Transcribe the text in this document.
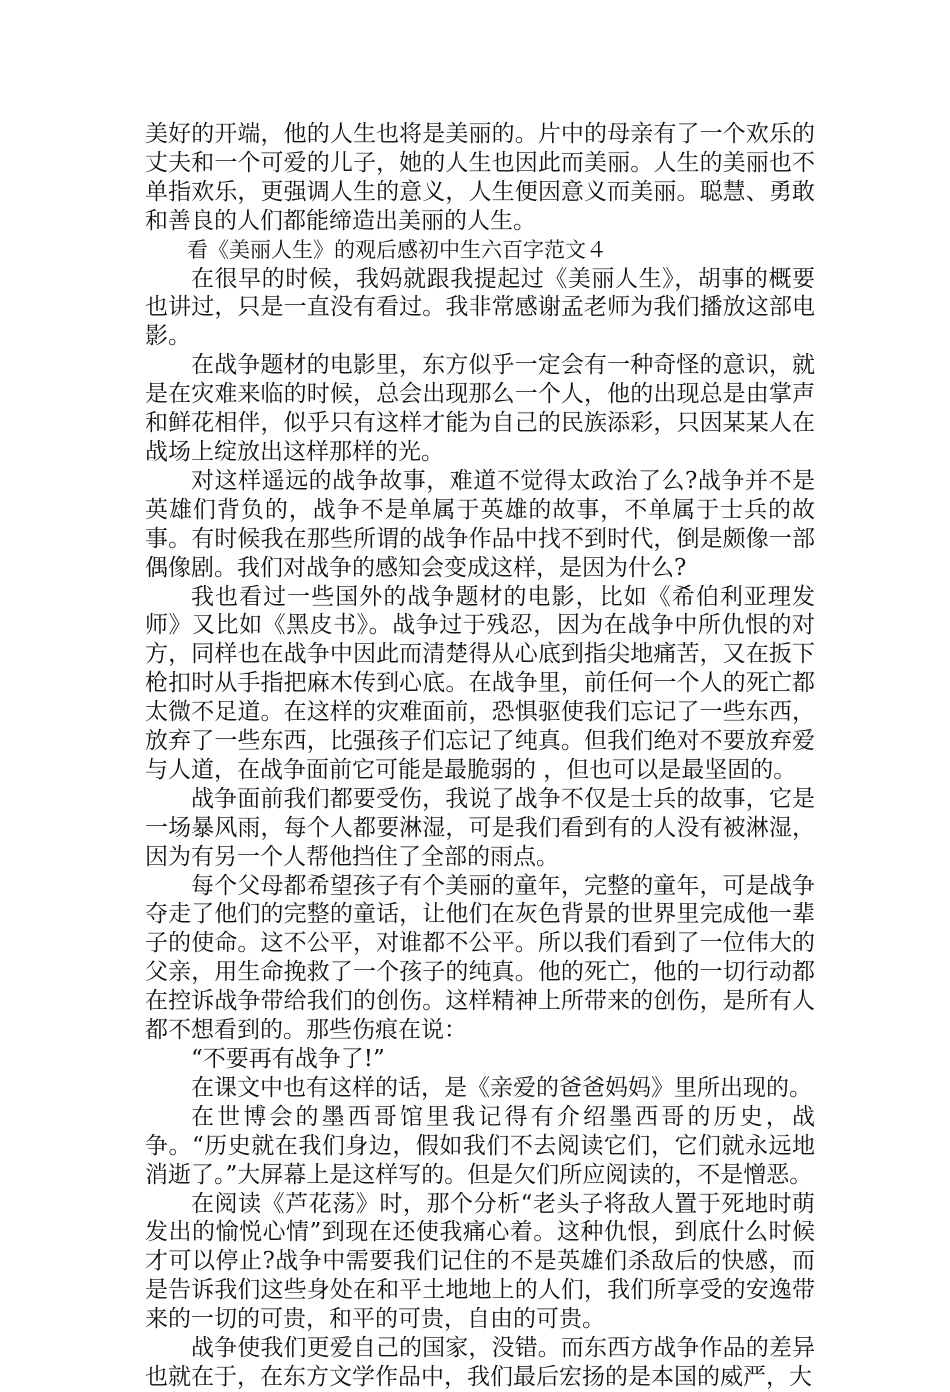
美好的开端，他的人生也将是美丽的。片中的母亲有了一个欢乐的丈夫和一个可爱的儿子，她的人生也因此而美丽。人生的美丽也不单指欢乐，更强调人生的意义，人生便因意义而美丽。聪慧、勇敢和善良的人们都能缔造出美丽的人生。

看《美丽人生》的观后感初中生六百字范文４

在很早的时候，我妈就跟我提起过《美丽人生》，胡事的概要也讲过，只是一直没有看过。我非常感谢孟老师为我们播放这部电影。

在战争题材的电影里，东方似乎一定会有一种奇怪的意识，就是在灾难来临的时候，总会出现那么一个人，他的出现总是由掌声和鲜花相伴，似乎只有这样才能为自己的民族添彩，只因某某人在战场上绽放出这样那样的光。

对这样遥远的战争故事，难道不觉得太政治了么?战争并不是英雄们背负的，战争不是单属于英雄的故事，不单属于士兵的故事。有时候我在那些所谓的战争作品中找不到时代，倒是颇像一部偶像剧。我们对战争的感知会变成这样，是因为什么?

我也看过一些国外的战争题材的电影，比如《希伯利亚理发师》又比如《黑皮书》。战争过于残忍，因为在战争中所仇恨的对方，同样也在战争中因此而清楚得从心底到指尖地痛苦，又在扳下枪扣时从手指把麻木传到心底。在战争里，前任何一个人的死亡都太微不足道。在这样的灾难面前，恐惧驱使我们忘记了一些东西，放弃了一些东西，比强孩子们忘记了纯真。但我们绝对不要放弃爱与人道，在战争面前它可能是最脆弱的 ，但也可以是最坚固的。

战争面前我们都要受伤，我说了战争不仅是士兵的故事，它是一场暴风雨，每个人都要淋湿，可是我们看到有的人没有被淋湿，因为有另一个人帮他挡住了全部的雨点。

每个父母都希望孩子有个美丽的童年，完整的童年，可是战争夺走了他们的完整的童话，让他们在灰色背景的世界里完成他一辈子的使命。这不公平，对谁都不公平。所以我们看到了一位伟大的父亲，用生命挽救了一个孩子的纯真。他的死亡，他的一切行动都在控诉战争带给我们的创伤。这样精神上所带来的创伤，是所有人都不想看到的。那些伤痕在说：

“不要再有战争了!”

在课文中也有这样的话，是《亲爱的爸爸妈妈》里所出现的。

在世博会的墨西哥馆里我记得有介绍墨西哥的历史，战争。“历史就在我们身边，假如我们不去阅读它们，它们就永远地消逝了。”大屏幕上是这样写的。但是欠们所应阅读的，不是憎恶。

在阅读《芦花荡》时，那个分析“老头子将敌人置于死地时萌发出的愉悦心情”到现在还使我痛心着。这种仇恨，到底什么时候才可以停止?战争中需要我们记住的不是英雄们杀敌后的快感，而是告诉我们这些身处在和平土地地上的人们，我们所享受的安逸带来的一切的可贵，和平的可贵，自由的可贵。

战争使我们更爱自己的国家，没错。而东西方战争作品的差异也就在于，在东方文学作品中，我们最后宏扬的是本国的威严，大
